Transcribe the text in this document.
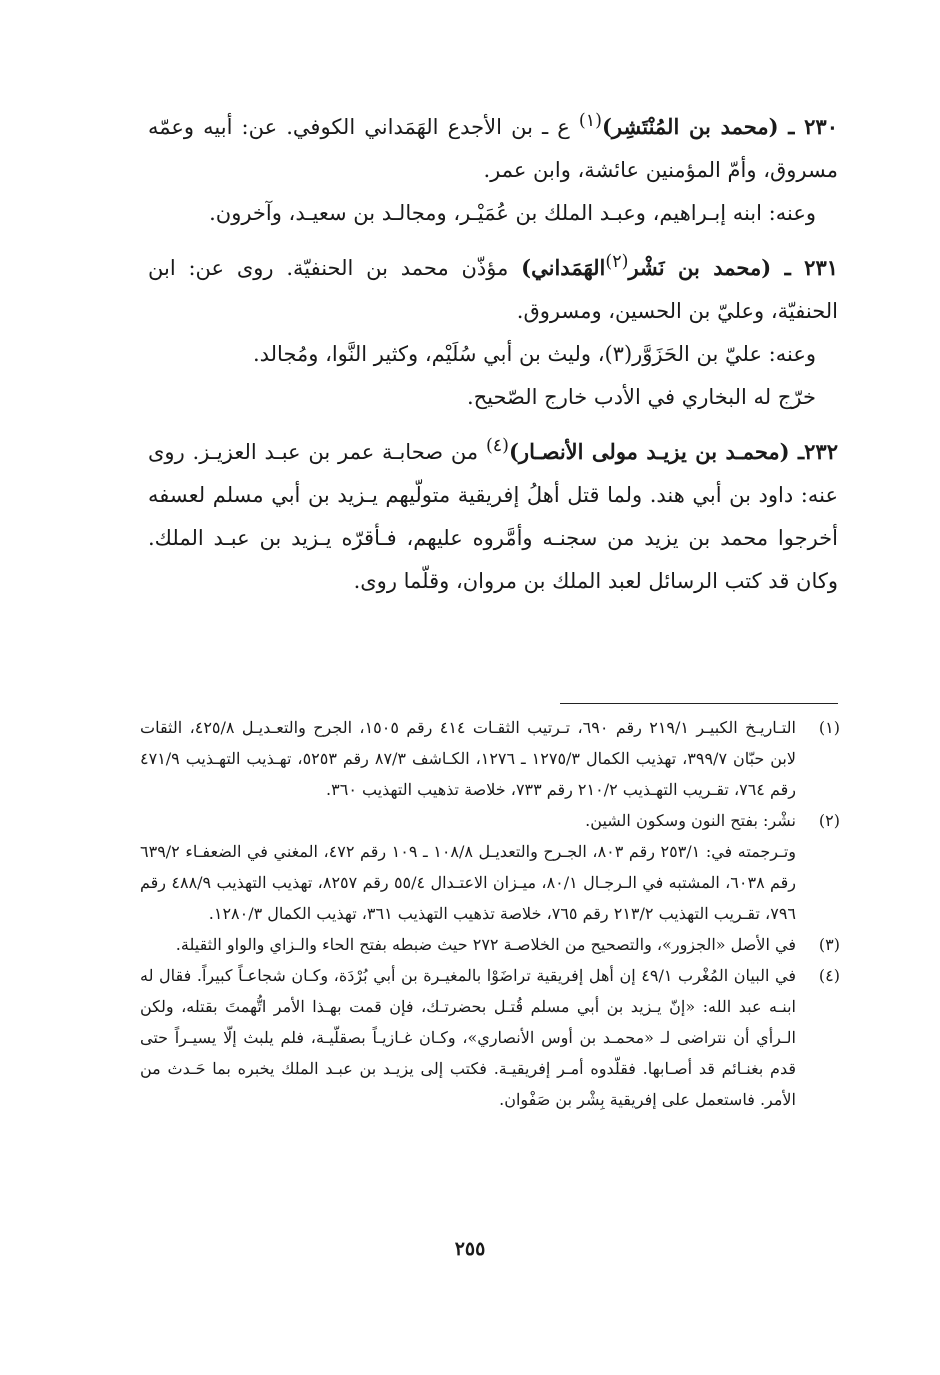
٢٣٠ ـ (محمد بن المُنْتَشِر)$^{(١)}$ ع ـ بن الأجدع الهَمَداني الكوفي. عن: أبيه وعمّه مسروق، وأمّ المؤمنين عائشة، وابن عمر.

وعنه: ابنه إبـراهيم، وعبـد الملك بن عُمَيْـر، ومجالـد بن سعيـد، وآخرون.

٢٣١ ـ (محمد بن نَشْر$^{(٢)}$الهَمَداني) مؤذّن محمد بن الحنفيّة. روى عن: ابن الحنفيّة، وعليّ بن الحسين، ومسروق.

وعنه: عليّ بن الحَزَوَّر(٣)، وليث بن أبي سُلَيْم، وكثير النَّوا، ومُجالد.

خرّج له البخاري في الأدب خارج الصّحيح.

٢٣٢ـ (محمـد بن يزيـد مولى الأنصـار)$^{(٤)}$ من صحابـة عمر بن عبـد العزيـز. روى عنه: داود بن أبي هند. ولما قتل أهلُ إفريقية متولّيهم يـزيد بن أبي مسلم لعسفه أخرجوا محمد بن يزيد من سجنـه وأمَّروه عليهم، فـأقرّه يـزيد بن عبـد الملك. وكان قد كتب الرسائل لعبد الملك بن مروان، وقلّما روى.

(١)

التـاريـخ الكبيـر ٢١٩/١ رقم ٦٩٠، تـرتيب الثقـات ٤١٤ رقم ١٥٠٥، الجرح والتعـديـل ٤٢٥/٨، الثقات لابن حبّان ٣٩٩/٧، تهذيب الكمال ١٢٧٥/٣ ـ ١٢٧٦، الكـاشف ٨٧/٣ رقم ٥٢٥٣، تهـذيب التهـذيب ٤٧١/٩ رقم ٧٦٤، تقـريب التهـذيب ٢١٠/٢ رقم ٧٣٣، خلاصة تذهيب التهذيب ٣٦٠.

(٢)

نشْر: بفتح النون وسكون الشين.

وتـرجمته في: ٢٥٣/١ رقم ٨٠٣، الجـرح والتعديـل ١٠٨/٨ ـ ١٠٩ رقم ٤٧٢، المغني في الضعفـاء ٦٣٩/٢ رقم ٦٠٣٨، المشتبه في الـرجـال ٨٠/١، ميـزان الاعتـدال ٥٥/٤ رقم ٨٢٥٧، تهذيب التهذيب ٤٨٨/٩ رقم ٧٩٦، تقـريب التهذيب ٢١٣/٢ رقم ٧٦٥، خلاصة تذهيب التهذيب ٣٦١، تهذيب الكمال ١٢٨٠/٣.

(٣)

في الأصل «الجزور»، والتصحيح من الخلاصـة ٢٧٢ حيث ضبطه بفتح الحاء والـزاي والواو الثقيلة.

(٤)

في البيان المُغْرب ٤٩/١ إن أهل إفريقية تراضَوْا بالمغيـرة بن أبي بُرْدَة، وكـان شجاعـاً كبيراً. فقال له ابنـه عبد الله: «إنّ يـزيد بن أبي مسلم قُتـل بحضرتـك، فإن قمت بهـذا الأمر اتُّهمتَ بقتله، ولكن الـرأي أن نتراضى لـ «محمـد بن أوس الأنصاري»، وكـان غـازيـاً بصقلّيـة، فلم يلبث إلّا يسيـراً حتى قدم بغنـائم قد أصـابها. فقلّدوه أمـر إفريقيـة. فكتب إلى يزيـد بن عبـد الملك يخبره بما حَـدث من الأمر. فاستعمل على إفريقية بِشْر بن صَفْوان.

٢٥٥
